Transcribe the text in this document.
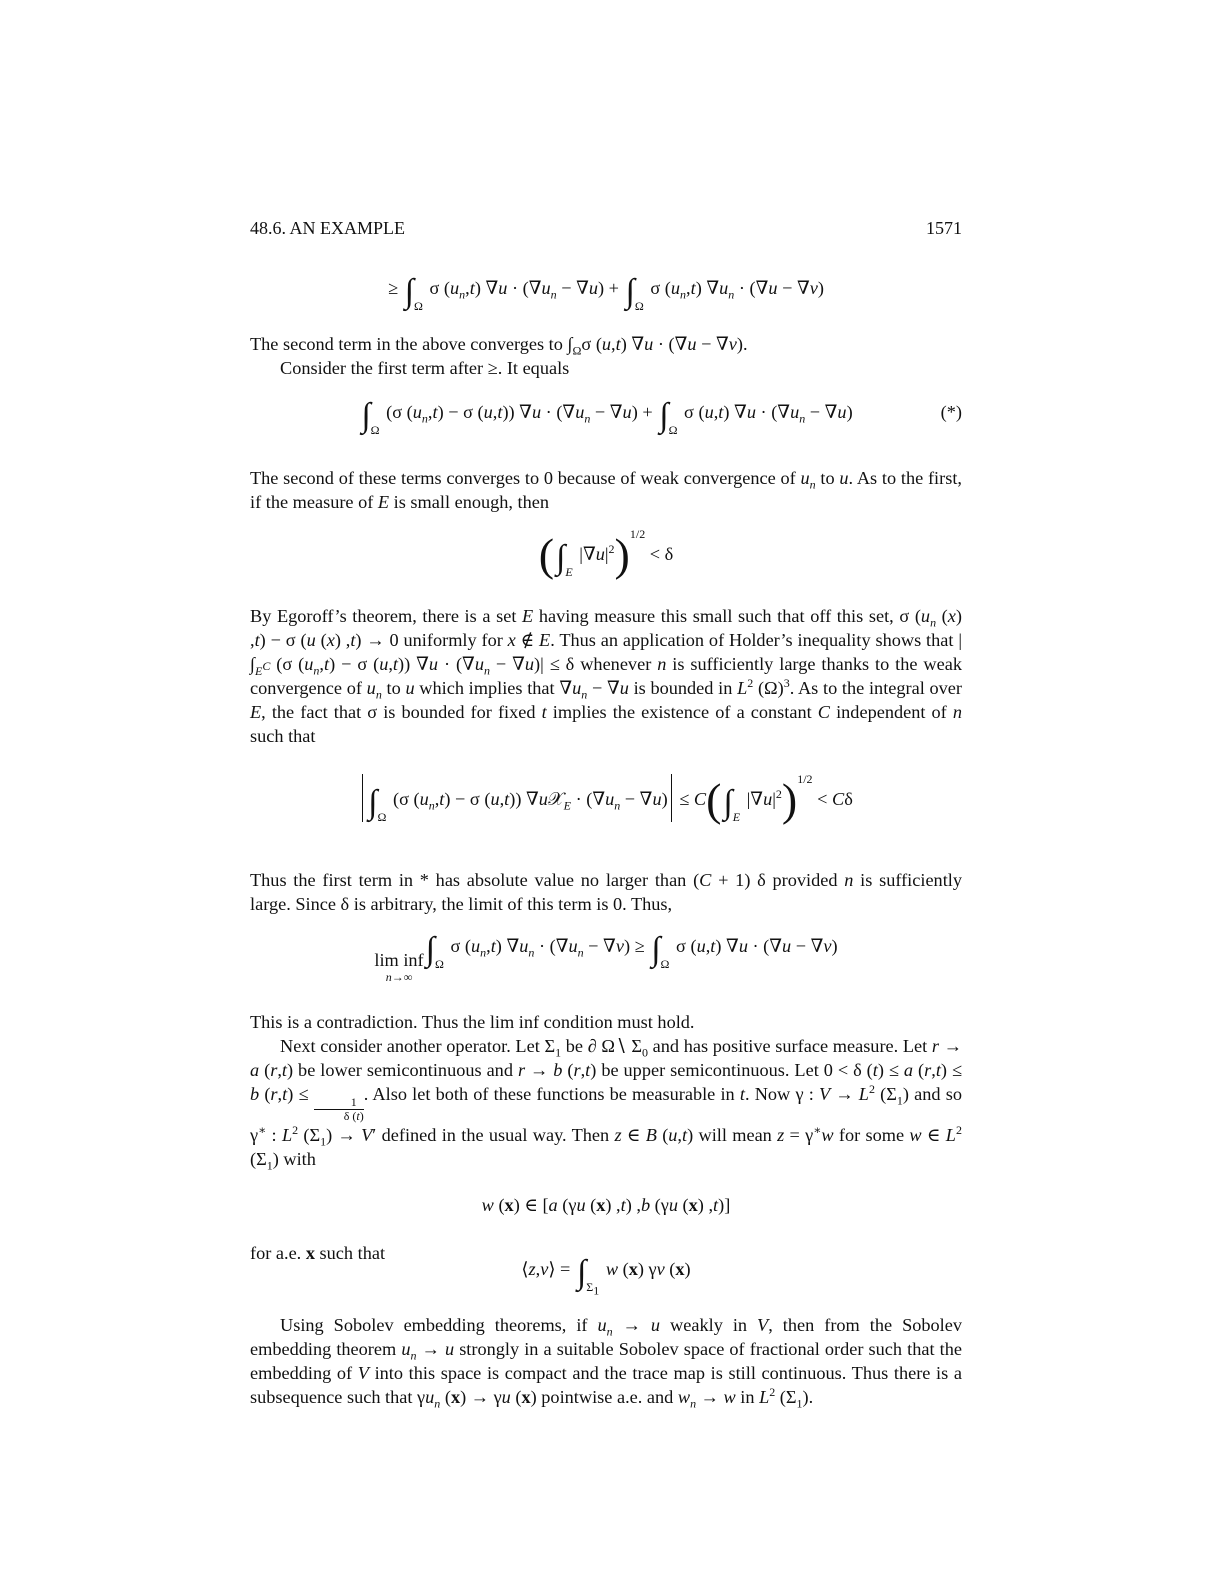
48.6. AN EXAMPLE	1571
≥ $\int_\Omega$ σ $(u_n,t) \nabla u \cdot (\nabla u_n - \nabla u) + \int_\Omega$ σ $(u_n,t) \nabla u_n \cdot (\nabla u - \nabla v)$

The second term in the above converges to $\int_\Omega\sigma$ (u,t) ∇u · (∇u − ∇v).

Consider the first term after ≥. It equals

$\int_\Omega$ (σ $(u_n,t) - \sigma$ (u,t)) $\nabla u \cdot (\nabla u_n - \nabla u) + \int_\Omega$ σ (u,t) $\nabla u \cdot (\nabla u_n - \nabla u)$	(*)

The second of these terms converges to 0 because of weak convergence of $u_n$ to u. As to the first, if the measure of E is small enough, then

($\int_E$ $|\nabla u|^2)^{1/2} < \delta$

By Egoroff’s theorem, there is a set E having measure this small such that off this set, σ ($u_n$ (x) ,t) − σ (u (x) ,t) → 0 uniformly for x ∉ E. Thus an application of Holder’s inequality shows that $|\int_{E^C}$ (σ $(u_n,t) - \sigma$ (u,t)) $\nabla u \cdot (\nabla u_n - \nabla u)| \le \delta$ whenever n is sufficiently large thanks to the weak convergence of $u_n$ to u which implies that $\nabla u_n - \nabla u$ is bounded in $L^2$ $(\Omega)^3$. As to the integral over E, the fact that σ is bounded for fixed t implies the existence of a constant C independent of n such that

$\int_\Omega$ (σ $(u_n,t) - \sigma$ (u,t)) ∇u𝒳$_E$ · $(\nabla u_n - \nabla u) \le C(\int_E$ $|\nabla u|^2)^{1/2} < C\delta$

Thus the first term in * has absolute value no larger than (C + 1) δ provided n is sufficiently large. Since δ is arbitrary, the limit of this term is 0. Thus,

lim inf
n→∞
$\int_\Omega$ σ $(u_n,t) \nabla u_n \cdot (\nabla u_n - \nabla v) \ge \int_\Omega$ σ (u,t) ∇u · (∇u − ∇v)

This is a contradiction. Thus the lim inf condition must hold.

Next consider another operator. Let $\Sigma_1$ be ∂ Ω∖ $\Sigma_0$ and has positive surface measure. Let r → a (r,t) be lower semicontinuous and r → b (r,t) be upper semicontinuous. Let 0 < δ (t) ≤ a (r,t) ≤ b (r,t) ≤
$\frac{1}{\delta (t)}$
. Also let both of these functions be measurable in t. Now γ : $V \to L^2$ $(\Sigma_1)$ and so γ∗ : $L^2$ $(\Sigma_1) \to V'$ defined in the usual way. Then z ∈ B (u,t) will mean z = γ∗w for some w ∈ $L^2$ $(\Sigma_1)$ with

w (x) ∈ [a (γu (x) ,t) ,b (γu (x) ,t)]

for a.e. x such that

⟨z,v⟩ = $\int_{\Sigma_1}$ w (x) γv (x)

Using Sobolev embedding theorems, if $u_n \to u$ weakly in V, then from the Sobolev embedding theorem $u_n \to u$ strongly in a suitable Sobolev space of fractional order such that the embedding of V into this space is compact and the trace map is still continuous. Thus there is a subsequence such that $\gamma u_n$ (x) → γu (x) pointwise a.e. and $w_n \to w$ in $L^2$ $(\Sigma_1)$.
